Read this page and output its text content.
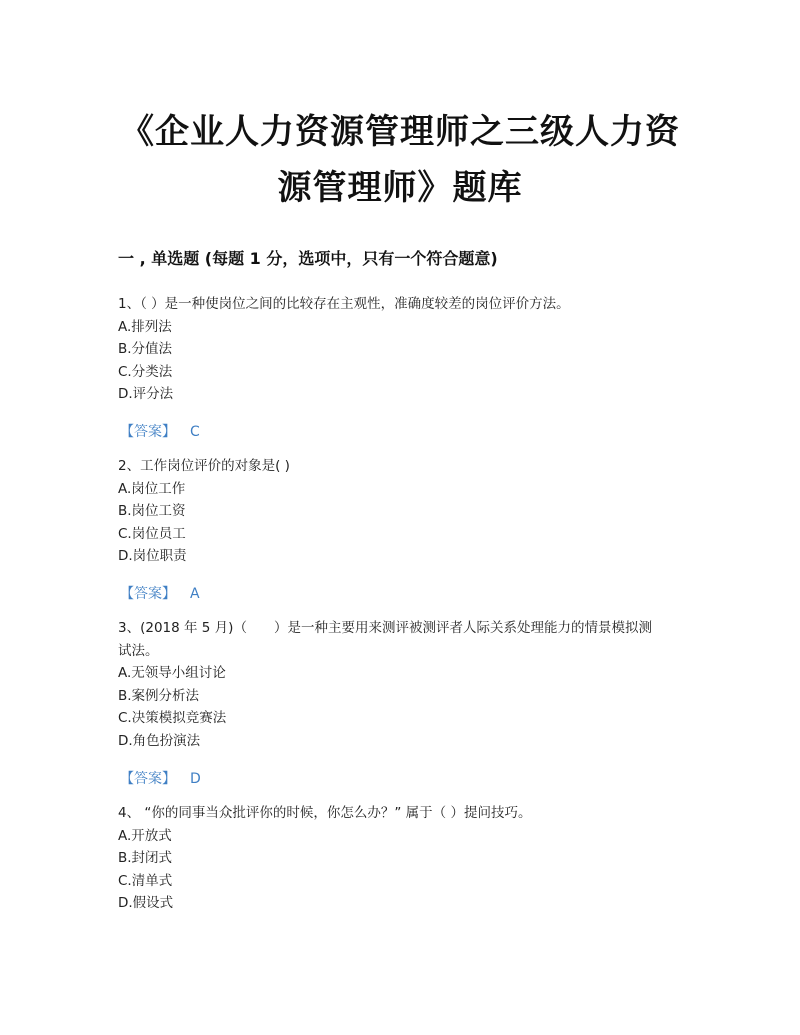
《企业人力资源管理师之三级人力资
源管理师》题库
一 , 单选题 (每题 1 分，选项中，只有一个符合题意)

1、（ ）是一种使岗位之间的比较存在主观性，准确度较差的岗位评价方法。

A.排列法

B.分值法

C.分类法

D.评分法

【答案】 C

2、工作岗位评价的对象是( )

A.岗位工作

B.岗位工资

C.岗位员工

D.岗位职责

【答案】 A

3、(2018 年 5 月)（　　）是一种主要用来测评被测评者人际关系处理能力的情景模拟测

试法。

A.无领导小组讨论

B.案例分析法

C.决策模拟竞赛法

D.角色扮演法

【答案】 D

4、 “你的同事当众批评你的时候，你怎么办？” 属于（ ）提问技巧。

A.开放式

B.封闭式

C.清单式

D.假设式
